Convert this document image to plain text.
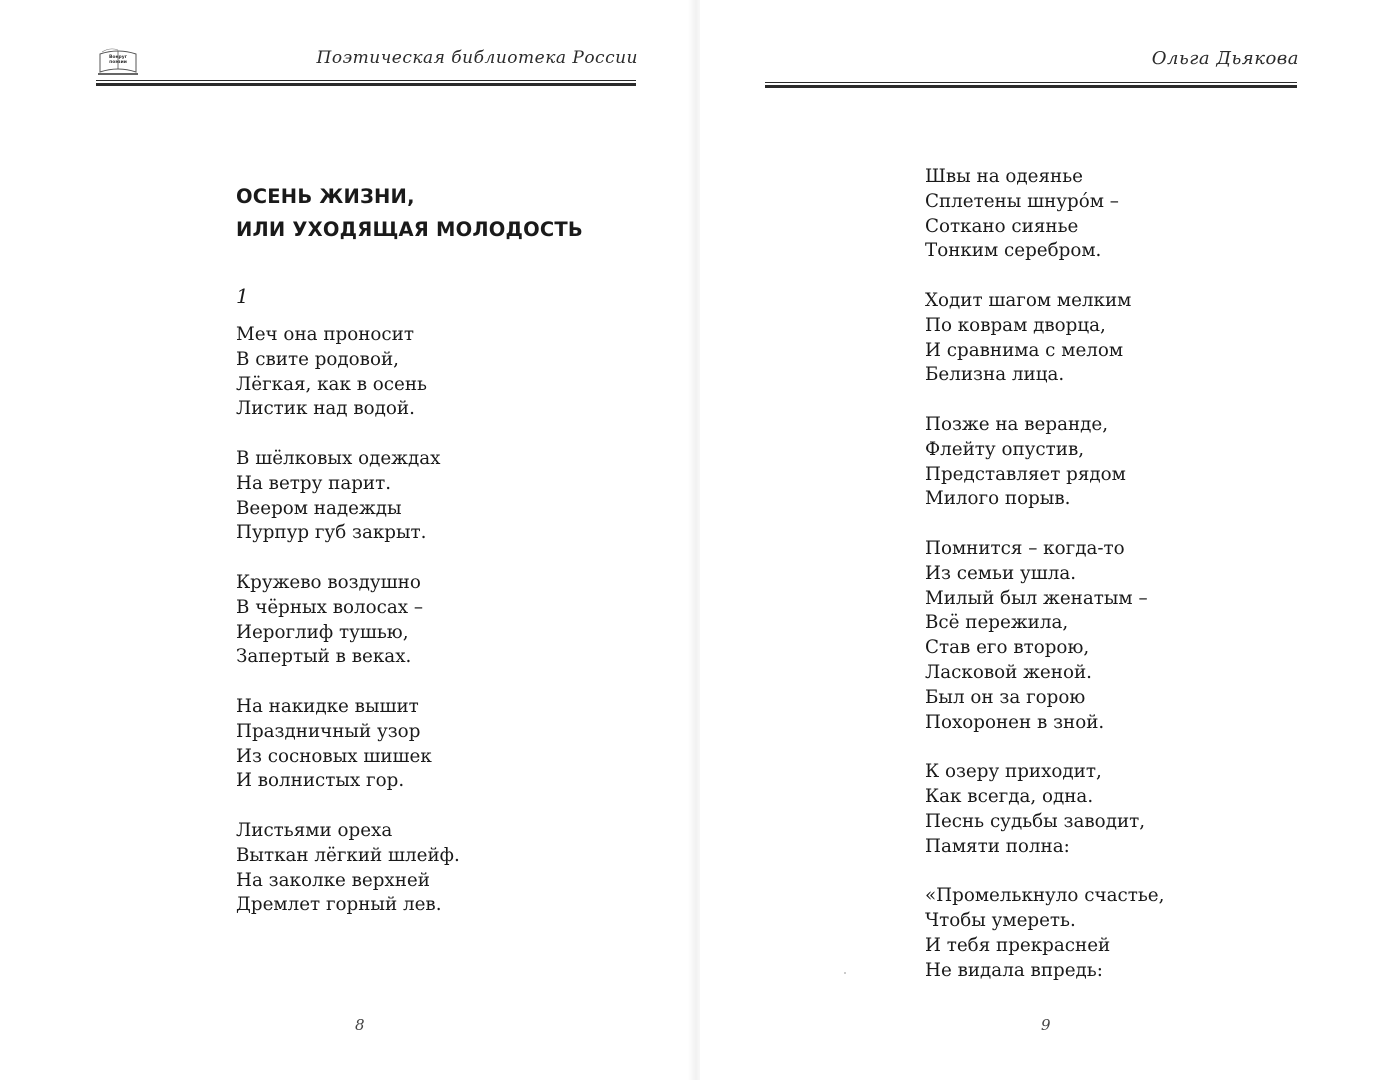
Вокруг
поэзии	Поэтическая библиотека России
ОСЕНЬ ЖИЗНИ,
ИЛИ УХОДЯЩАЯ МОЛОДОСТЬ
1
Меч она проносит
В свите родовой,
Лёгкая, как в осень
Листик над водой.
В шёлковых одеждах
На ветру парит.
Веером надежды
Пурпур губ закрыт.
Кружево воздушно
В чёрных волосах –
Иероглиф тушью,
Запертый в веках.
На накидке вышит
Праздничный узор
Из сосновых шишек
И волнистых гор.
Листьями ореха
Выткан лёгкий шлейф.
На заколке верхней
Дремлет горный лев.
8
Ольга Дьякова
Швы на одеянье
Сплетены шнуро́м –
Соткано сиянье
Тонким серебром.
Ходит шагом мелким
По коврам дворца,
И сравнима с мелом
Белизна лица.
Позже на веранде,
Флейту опустив,
Представляет рядом
Милого порыв.
Помнится – когда-то
Из семьи ушла.
Милый был женатым –
Всё пережила,
Став его второю,
Ласковой женой.
Был он за горою
Похоронен в зной.
К озеру приходит,
Как всегда, одна.
Песнь судьбы заводит,
Памяти полна:
«Промелькнуло счастье,
Чтобы умереть.
И тебя прекрасней
Не видала впредь:
9
